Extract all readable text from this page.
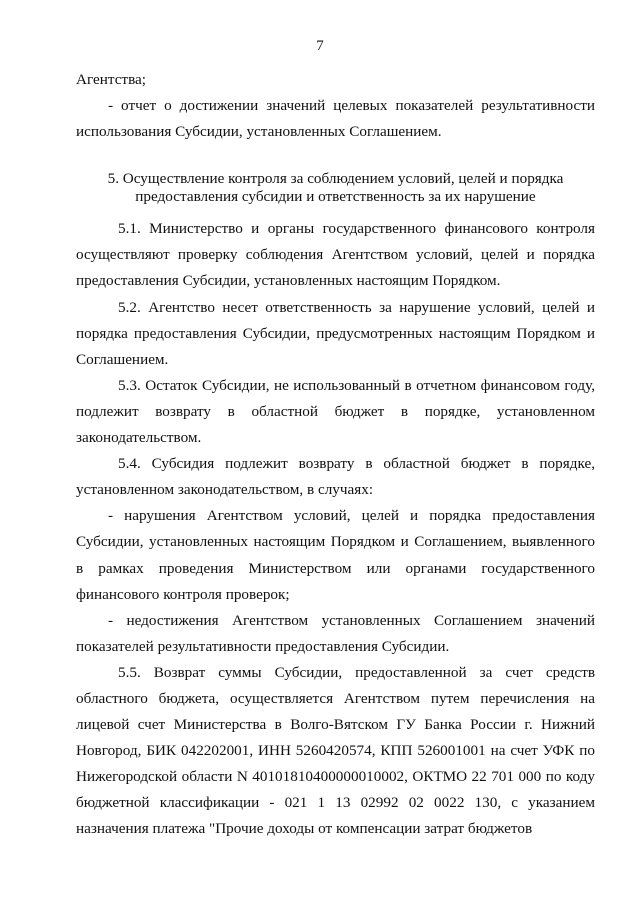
7

Агентства;

- отчет о достижении значений целевых показателей результативности использования Субсидии, установленных Соглашением.

5. Осуществление контроля за соблюдением условий, целей и порядка
предоставления субсидии и ответственность за их нарушение

5.1. Министерство и органы государственного финансового контроля осуществляют проверку соблюдения Агентством условий, целей и порядка предоставления Субсидии, установленных настоящим Порядком.

5.2. Агентство несет ответственность за нарушение условий, целей и порядка предоставления Субсидии, предусмотренных настоящим Порядком и Соглашением.

5.3. Остаток Субсидии, не использованный в отчетном финансовом году, подлежит возврату в областной бюджет в порядке, установленном законодательством.

5.4. Субсидия подлежит возврату в областной бюджет в порядке, установленном законодательством, в случаях:

- нарушения Агентством условий, целей и порядка предоставления Субсидии, установленных настоящим Порядком и Соглашением, выявленного в рамках проведения Министерством или органами государственного финансового контроля проверок;

- недостижения Агентством установленных Соглашением значений показателей результативности предоставления Субсидии.

5.5. Возврат суммы Субсидии, предоставленной за счет средств областного бюджета, осуществляется Агентством путем перечисления на лицевой счет Министерства в Волго-Вятском ГУ Банка России г. Нижний Новгород, БИК 042202001, ИНН 5260420574, КПП 526001001 на счет УФК по Нижегородской области N 40101810400000010002, ОКТМО 22 701 000 по коду бюджетной классификации - 021 1 13 02992 02 0022 130, с указанием назначения платежа "Прочие доходы от компенсации затрат бюджетов
